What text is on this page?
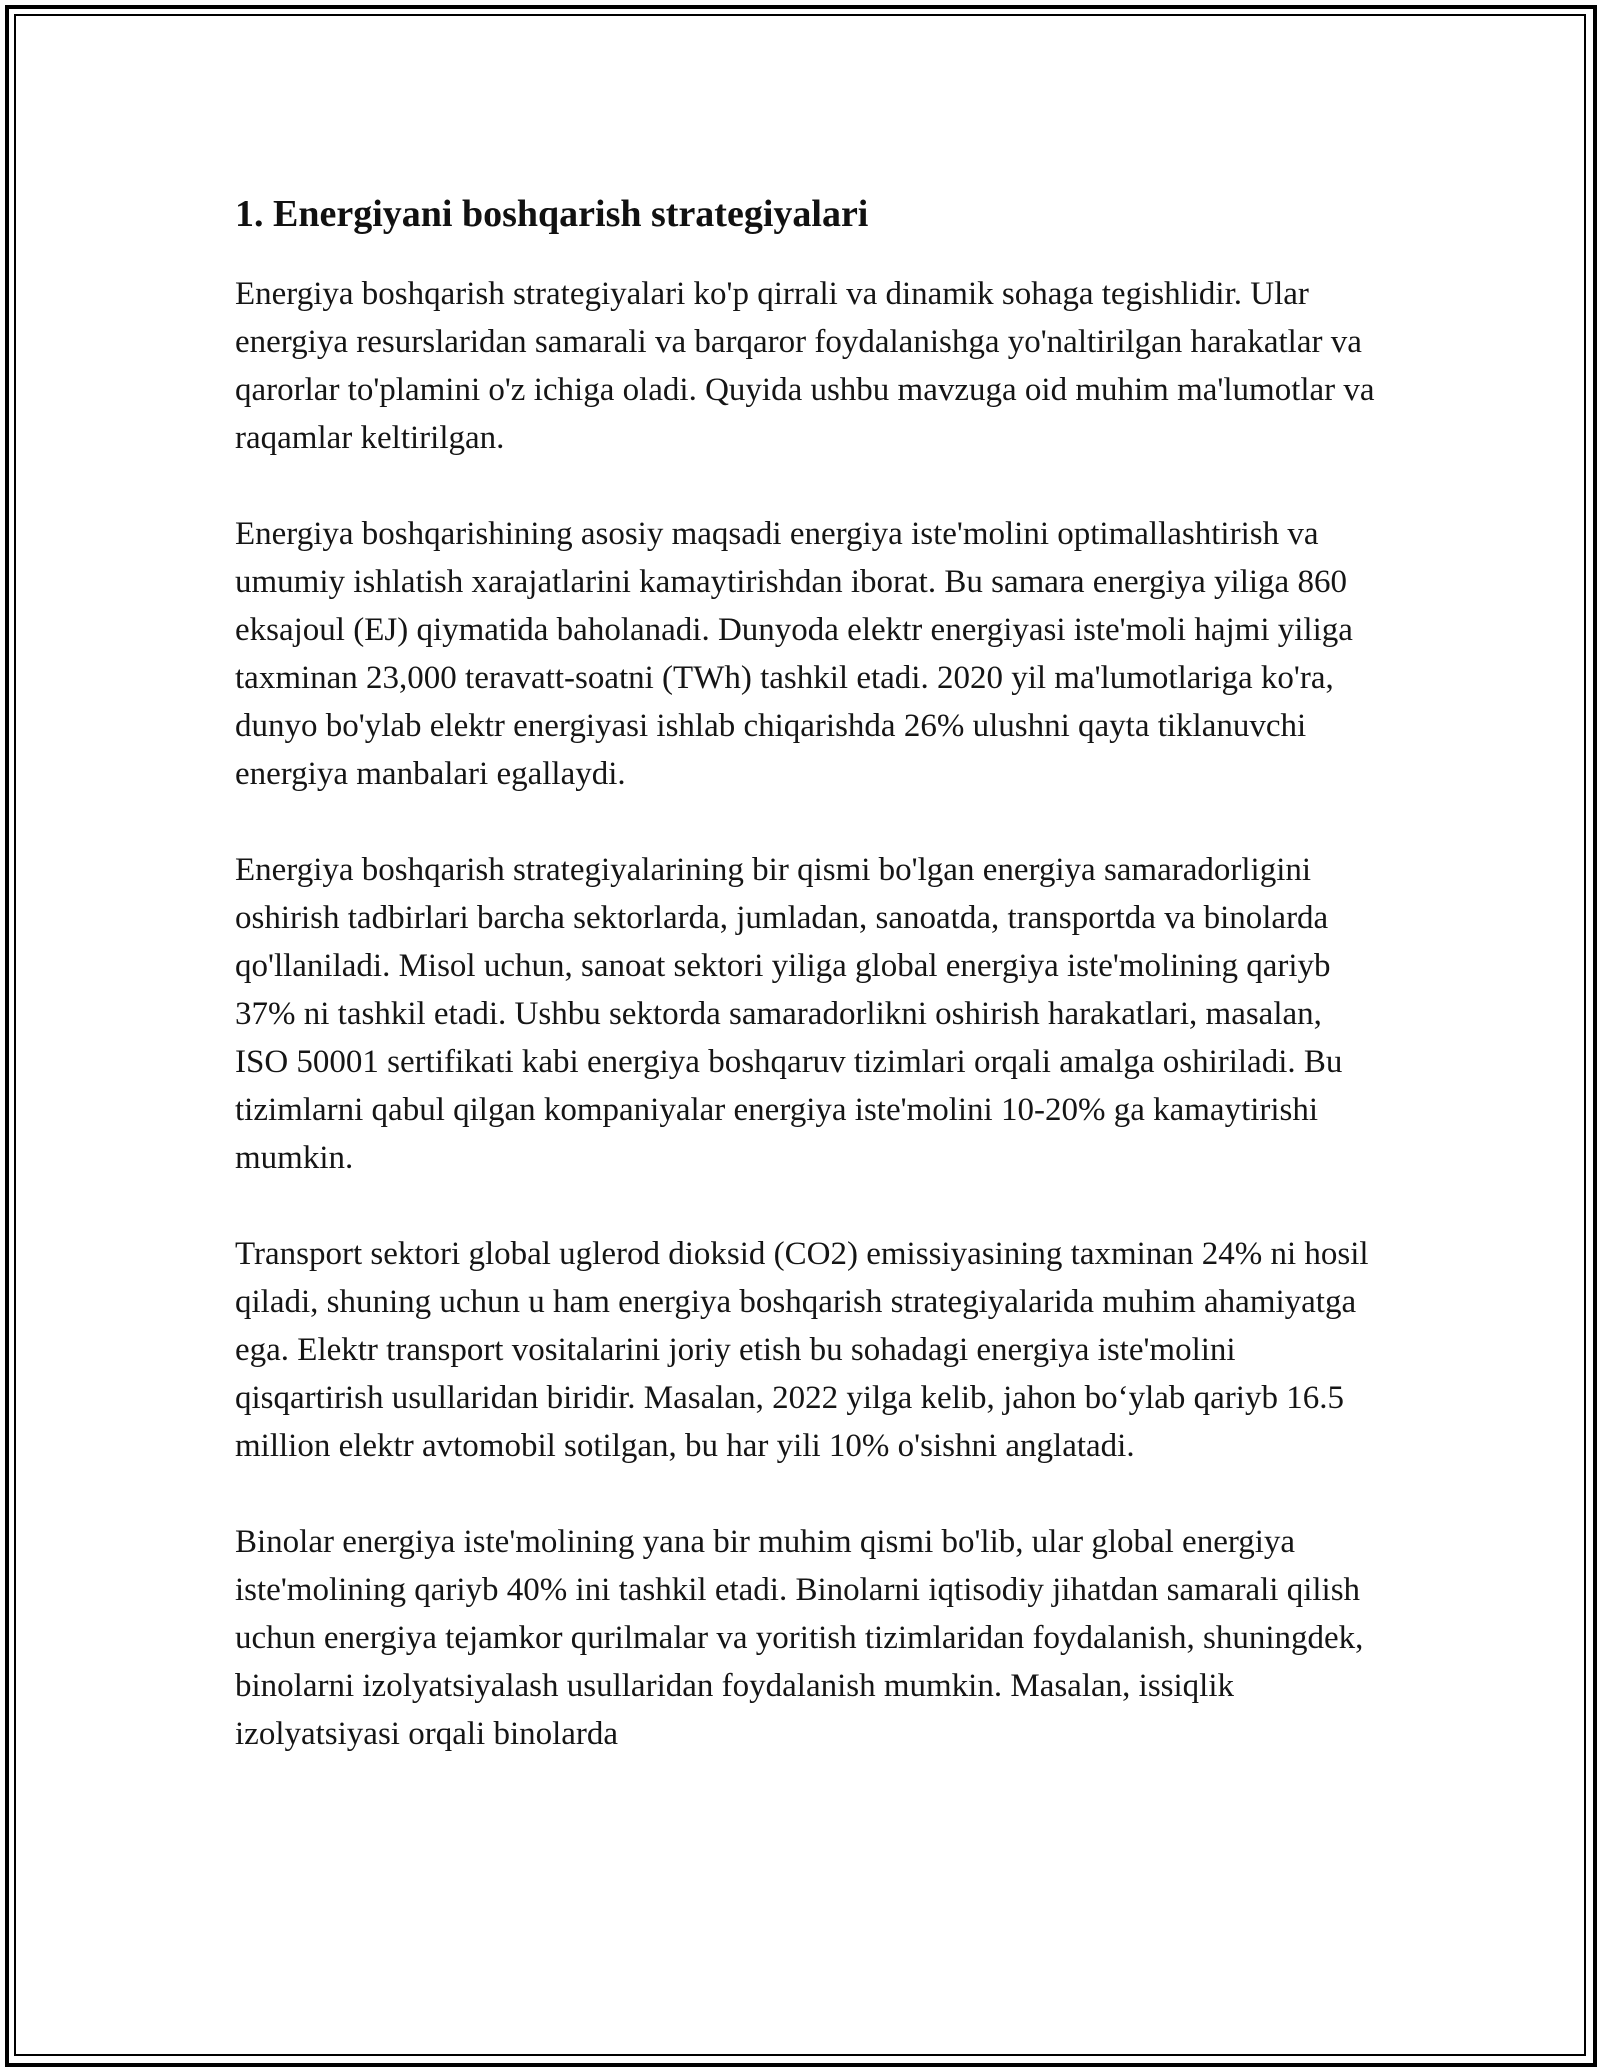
1. Energiyani boshqarish strategiyalari

Energiya boshqarish strategiyalari ko'p qirrali va dinamik sohaga tegishlidir. Ular energiya resurslaridan samarali va barqaror foydalanishga yo'naltirilgan harakatlar va qarorlar to'plamini o'z ichiga oladi. Quyida ushbu mavzuga oid muhim ma'lumotlar va raqamlar keltirilgan.

Energiya boshqarishining asosiy maqsadi energiya iste'molini optimallashtirish va umumiy ishlatish xarajatlarini kamaytirishdan iborat. Bu samara energiya yiliga 860 eksajoul (EJ) qiymatida baholanadi. Dunyoda elektr energiyasi iste'moli hajmi yiliga taxminan 23,000 teravatt-soatni (TWh) tashkil etadi. 2020 yil ma'lumotlariga ko'ra, dunyo bo'ylab elektr energiyasi ishlab chiqarishda 26% ulushni qayta tiklanuvchi energiya manbalari egallaydi.

Energiya boshqarish strategiyalarining bir qismi bo'lgan energiya samaradorligini oshirish tadbirlari barcha sektorlarda, jumladan, sanoatda, transportda va binolarda qo'llaniladi. Misol uchun, sanoat sektori yiliga global energiya iste'molining qariyb 37% ni tashkil etadi. Ushbu sektorda samaradorlikni oshirish harakatlari, masalan, ISO 50001 sertifikati kabi energiya boshqaruv tizimlari orqali amalga oshiriladi. Bu tizimlarni qabul qilgan kompaniyalar energiya iste'molini 10-20% ga kamaytirishi mumkin.

Transport sektori global uglerod dioksid (CO2) emissiyasining taxminan 24% ni hosil qiladi, shuning uchun u ham energiya boshqarish strategiyalarida muhim ahamiyatga ega. Elektr transport vositalarini joriy etish bu sohadagi energiya iste'molini qisqartirish usullaridan biridir. Masalan, 2022 yilga kelib, jahon bo‘ylab qariyb 16.5 million elektr avtomobil sotilgan, bu har yili 10% o'sishni anglatadi.

Binolar energiya iste'molining yana bir muhim qismi bo'lib, ular global energiya iste'molining qariyb 40% ini tashkil etadi. Binolarni iqtisodiy jihatdan samarali qilish uchun energiya tejamkor qurilmalar va yoritish tizimlaridan foydalanish, shuningdek, binolarni izolyatsiyalash usullaridan foydalanish mumkin. Masalan, issiqlik izolyatsiyasi orqali binolarda
